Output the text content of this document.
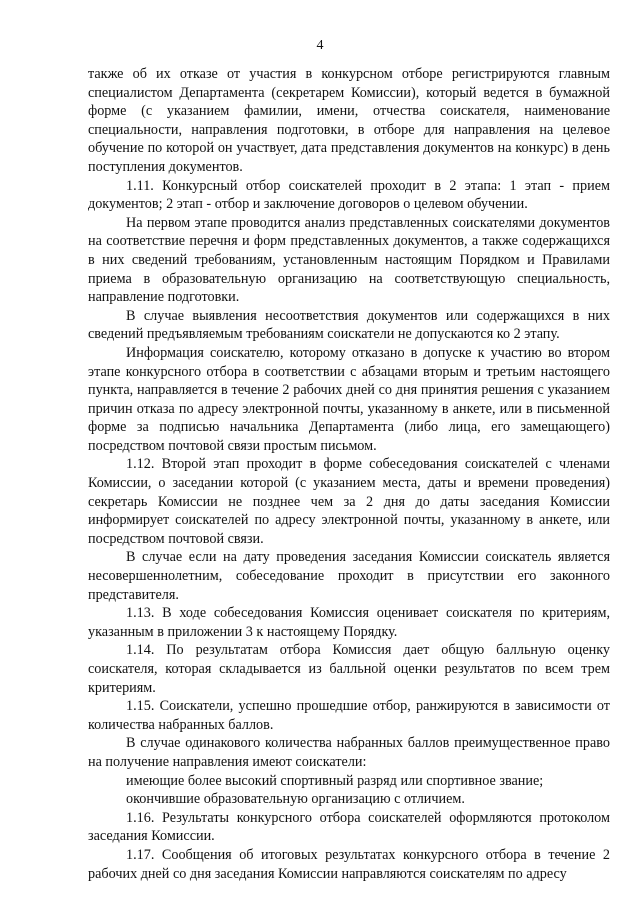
4

также об их отказе от участия в конкурсном отборе регистрируются главным специалистом Департамента (секретарем Комиссии), который ведется в бумажной форме (с указанием фамилии, имени, отчества соискателя, наименование специальности, направления подготовки, в отборе для направления на целевое обучение по которой он участвует, дата представления документов на конкурс) в день поступления документов.

1.11. Конкурсный отбор соискателей проходит в 2 этапа: 1 этап - прием документов; 2 этап - отбор и заключение договоров о целевом обучении.

На первом этапе проводится анализ представленных соискателями документов на соответствие перечня и форм представленных документов, а также содержащихся в них сведений требованиям, установленным настоящим Порядком и Правилами приема в образовательную организацию на соответствующую специальность, направление подготовки.

В случае выявления несоответствия документов или содержащихся в них сведений предъявляемым требованиям соискатели не допускаются ко 2 этапу.

Информация соискателю, которому отказано в допуске к участию во втором этапе конкурсного отбора в соответствии с абзацами вторым и третьим настоящего пункта, направляется в течение 2 рабочих дней со дня принятия решения с указанием причин отказа по адресу электронной почты, указанному в анкете, или в письменной форме за подписью начальника Департамента (либо лица, его замещающего) посредством почтовой связи простым письмом.

1.12. Второй этап проходит в форме собеседования соискателей с членами Комиссии, о заседании которой (с указанием места, даты и времени проведения) секретарь Комиссии не позднее чем за 2 дня до даты заседания Комиссии информирует соискателей по адресу электронной почты, указанному в анкете, или посредством почтовой связи.

В случае если на дату проведения заседания Комиссии соискатель является несовершеннолетним, собеседование проходит в присутствии его законного представителя.

1.13. В ходе собеседования Комиссия оценивает соискателя по критериям, указанным в приложении 3 к настоящему Порядку.

1.14. По результатам отбора Комиссия дает общую балльную оценку соискателя, которая складывается из балльной оценки результатов по всем трем критериям.

1.15. Соискатели, успешно прошедшие отбор, ранжируются в зависимости от количества набранных баллов.

В случае одинакового количества набранных баллов преимущественное право на получение направления имеют соискатели:

имеющие более высокий спортивный разряд или спортивное звание;

окончившие образовательную организацию с отличием.

1.16. Результаты конкурсного отбора соискателей оформляются протоколом заседания Комиссии.

1.17. Сообщения об итоговых результатах конкурсного отбора в течение 2 рабочих дней со дня заседания Комиссии направляются соискателям по адресу
